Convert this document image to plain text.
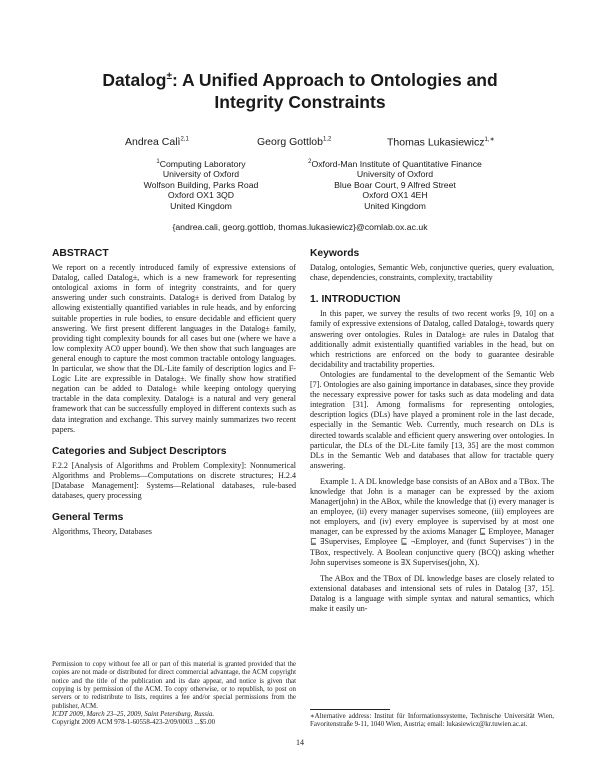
Datalog±: A Unified Approach to Ontologies and
Integrity Constraints
Andrea Calì$^{2,1}$	Georg Gottlob$^{1,2}$	Thomas Lukasiewicz$^{1,∗}$
$^1$Computing Laboratory
University of Oxford
Wolfson Building, Parks Road
Oxford OX1 3QD
United Kingdom
$^2$Oxford-Man Institute of Quantitative Finance
University of Oxford
Blue Boar Court, 9 Alfred Street
Oxford OX1 4EH
United Kingdom
{andrea.cali, georg.gottlob, thomas.lukasiewicz}@comlab.ox.ac.uk

ABSTRACT

We report on a recently introduced family of expressive extensions of Datalog, called Datalog±, which is a new framework for representing ontological axioms in form of integrity constraints, and for query answering under such constraints. Datalog± is derived from Datalog by allowing existentially quantified variables in rule heads, and by enforcing suitable properties in rule bodies, to ensure decidable and efficient query answering. We first present different languages in the Datalog± family, providing tight complexity bounds for all cases but one (where we have a low complexity AC0 upper bound). We then show that such languages are general enough to capture the most common tractable ontology languages. In particular, we show that the DL-Lite family of description logics and F-Logic Lite are expressible in Datalog±. We finally show how stratified negation can be added to Datalog± while keeping ontology querying tractable in the data complexity. Datalog± is a natural and very general framework that can be successfully employed in different contexts such as data integration and exchange. This survey mainly summarizes two recent papers.

Categories and Subject Descriptors

F.2.2 [Analysis of Algorithms and Problem Complexity]: Nonnumerical Algorithms and Problems—Computations on discrete structures; H.2.4 [Database Management]: Systems—Relational databases, rule-based databases, query processing

General Terms

Algorithms, Theory, Databases

Permission to copy without fee all or part of this material is granted provided that the copies are not made or distributed for direct commercial advantage, the ACM copyright notice and the title of the publication and its date appear, and notice is given that copying is by permission of the ACM. To copy otherwise, or to republish, to post on servers or to redistribute to lists, requires a fee and/or special permissions from the publisher, ACM.

ICDT 2009, March 23–25, 2009, Saint Petersburg, Russia.

Copyright 2009 ACM 978-1-60558-423-2/09/0003 ...$5.00

Keywords

Datalog, ontologies, Semantic Web, conjunctive queries, query evaluation, chase, dependencies, constraints, complexity, tractability

1. INTRODUCTION

In this paper, we survey the results of two recent works [9, 10] on a family of expressive extensions of Datalog, called Datalog±, towards query answering over ontologies. Rules in Datalog± are rules in Datalog that additionally admit existentially quantified variables in the head, but on which restrictions are enforced on the body to guarantee desirable decidability and tractability properties.

Ontologies are fundamental to the development of the Semantic Web [7]. Ontologies are also gaining importance in databases, since they provide the necessary expressive power for tasks such as data modeling and data integration [31]. Among formalisms for representing ontologies, description logics (DLs) have played a prominent role in the last decade, especially in the Semantic Web. Currently, much research on DLs is directed towards scalable and efficient query answering over ontologies. In particular, the DLs of the DL-Lite family [13, 35] are the most common DLs in the Semantic Web and databases that allow for tractable query answering.

Example 1. A DL knowledge base consists of an ABox and a TBox. The knowledge that John is a manager can be expressed by the axiom Manager(john) in the ABox, while the knowledge that (i) every manager is an employee, (ii) every manager supervises someone, (iii) employees are not employers, and (iv) every employee is supervised by at most one manager, can be expressed by the axioms Manager ⊑ Employee, Manager ⊑ ∃Supervises, Employee ⊑ ¬Employer, and (funct Supervises⁻) in the TBox, respectively. A Boolean conjunctive query (BCQ) asking whether John supervises someone is ∃X Supervises(john, X).

The ABox and the TBox of DL knowledge bases are closely related to extensional databases and intensional sets of rules in Datalog [37, 15]. Datalog is a language with simple syntax and natural semantics, which make it easily un-

∗Alternative address: Institut für Informationssysteme, Technische Universität Wien, Favoritenstraße 9-11, 1040 Wien, Austria; email: lukasiewicz@kr.tuwien.ac.at.
14
